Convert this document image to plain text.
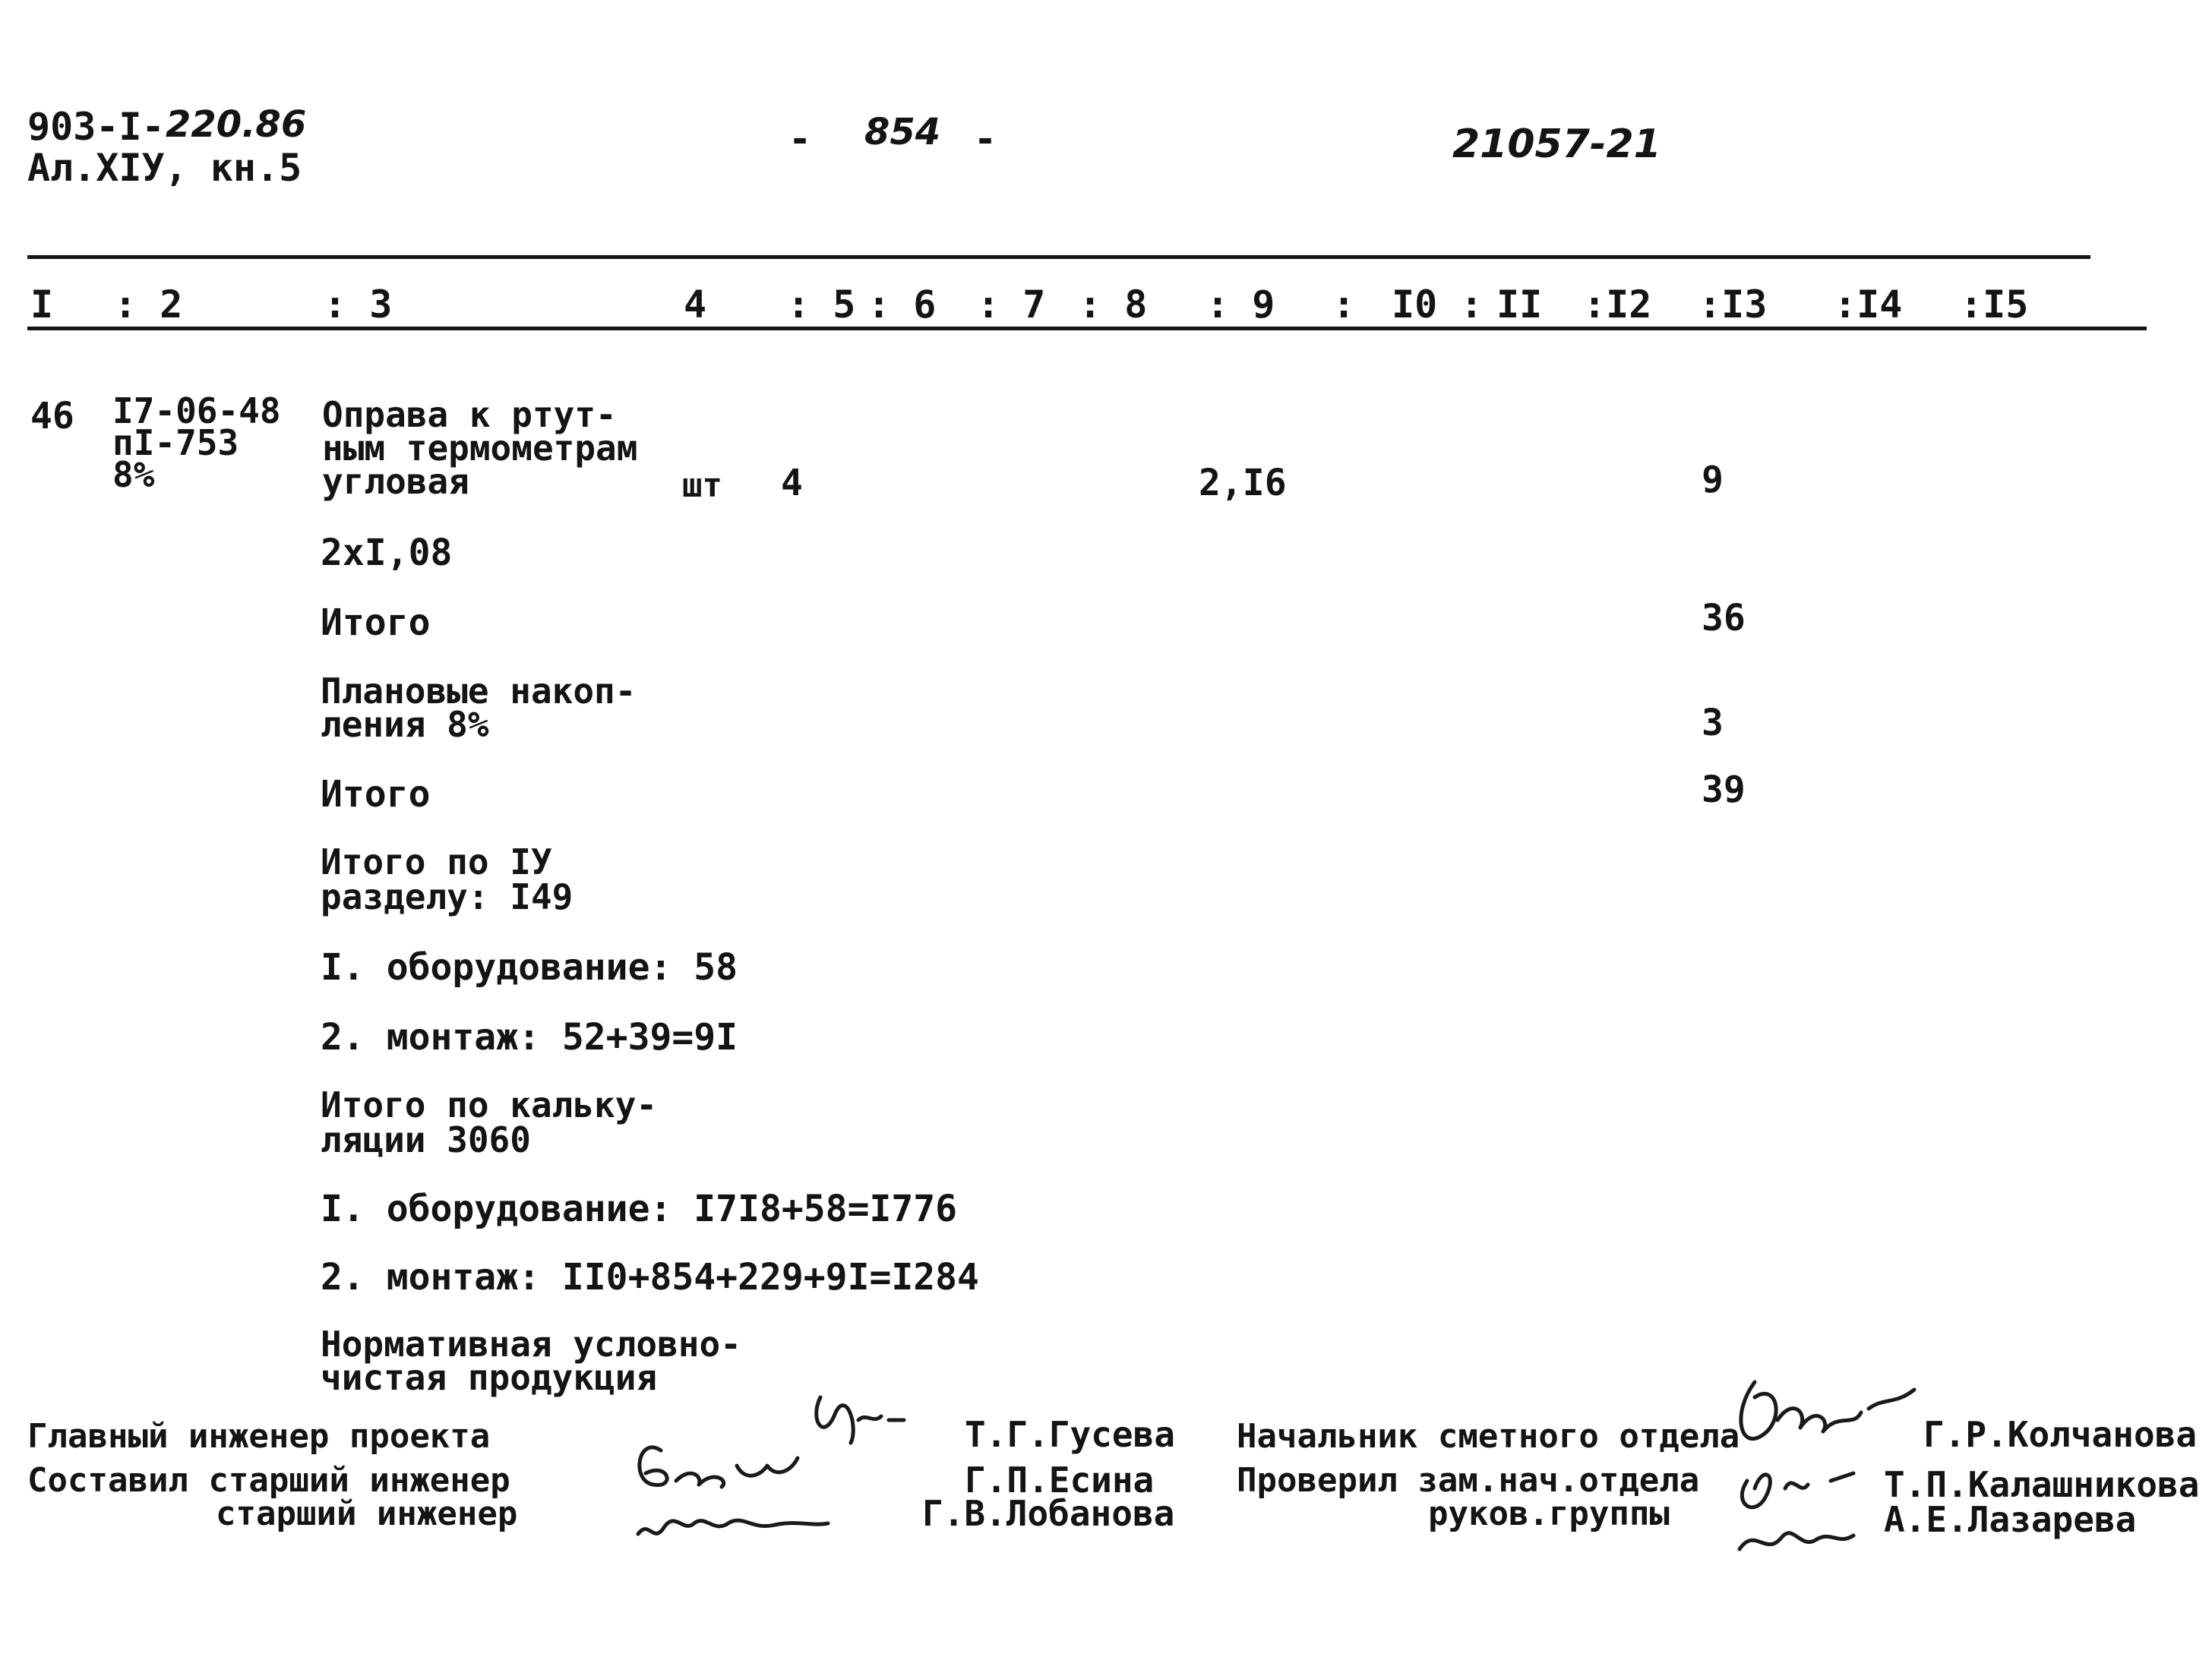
903-I- 220.86
Ал.XIУ, кн.5
- 854 -	21057-21
I : 2	: 3	4 : 5 : 6 : 7 : 8 : 9 : I0 : II :I2 :I3 :I4 :I5
46 I7-06-48
пI-753
8%
Оправа к ртут-
ным термометрам
угловая	шт 4	2,I6	9
2хI,08
Итого	36
Плановые накоп-
ления 8%	3
Итого	39
Итого по IУ
разделу: I49
I. оборудование: 58
2. монтаж: 52+39=9I
Итого по кальку-
ляции 3060
I. оборудование: I7I8+58=I776
2. монтаж: II0+854+229+9I=I284
Нормативная условно-
чистая продукция
Главный инженер проекта
Составил старший инженер
старший инженер
Т.Г.Гусева
Г.П.Есина
Г.В.Лобанова
Начальник сметного отдела
Проверил зам.нач.отдела
руков.группы
Г.Р.Колчанова
Т.П.Калашникова
А.Е.Лазарева
